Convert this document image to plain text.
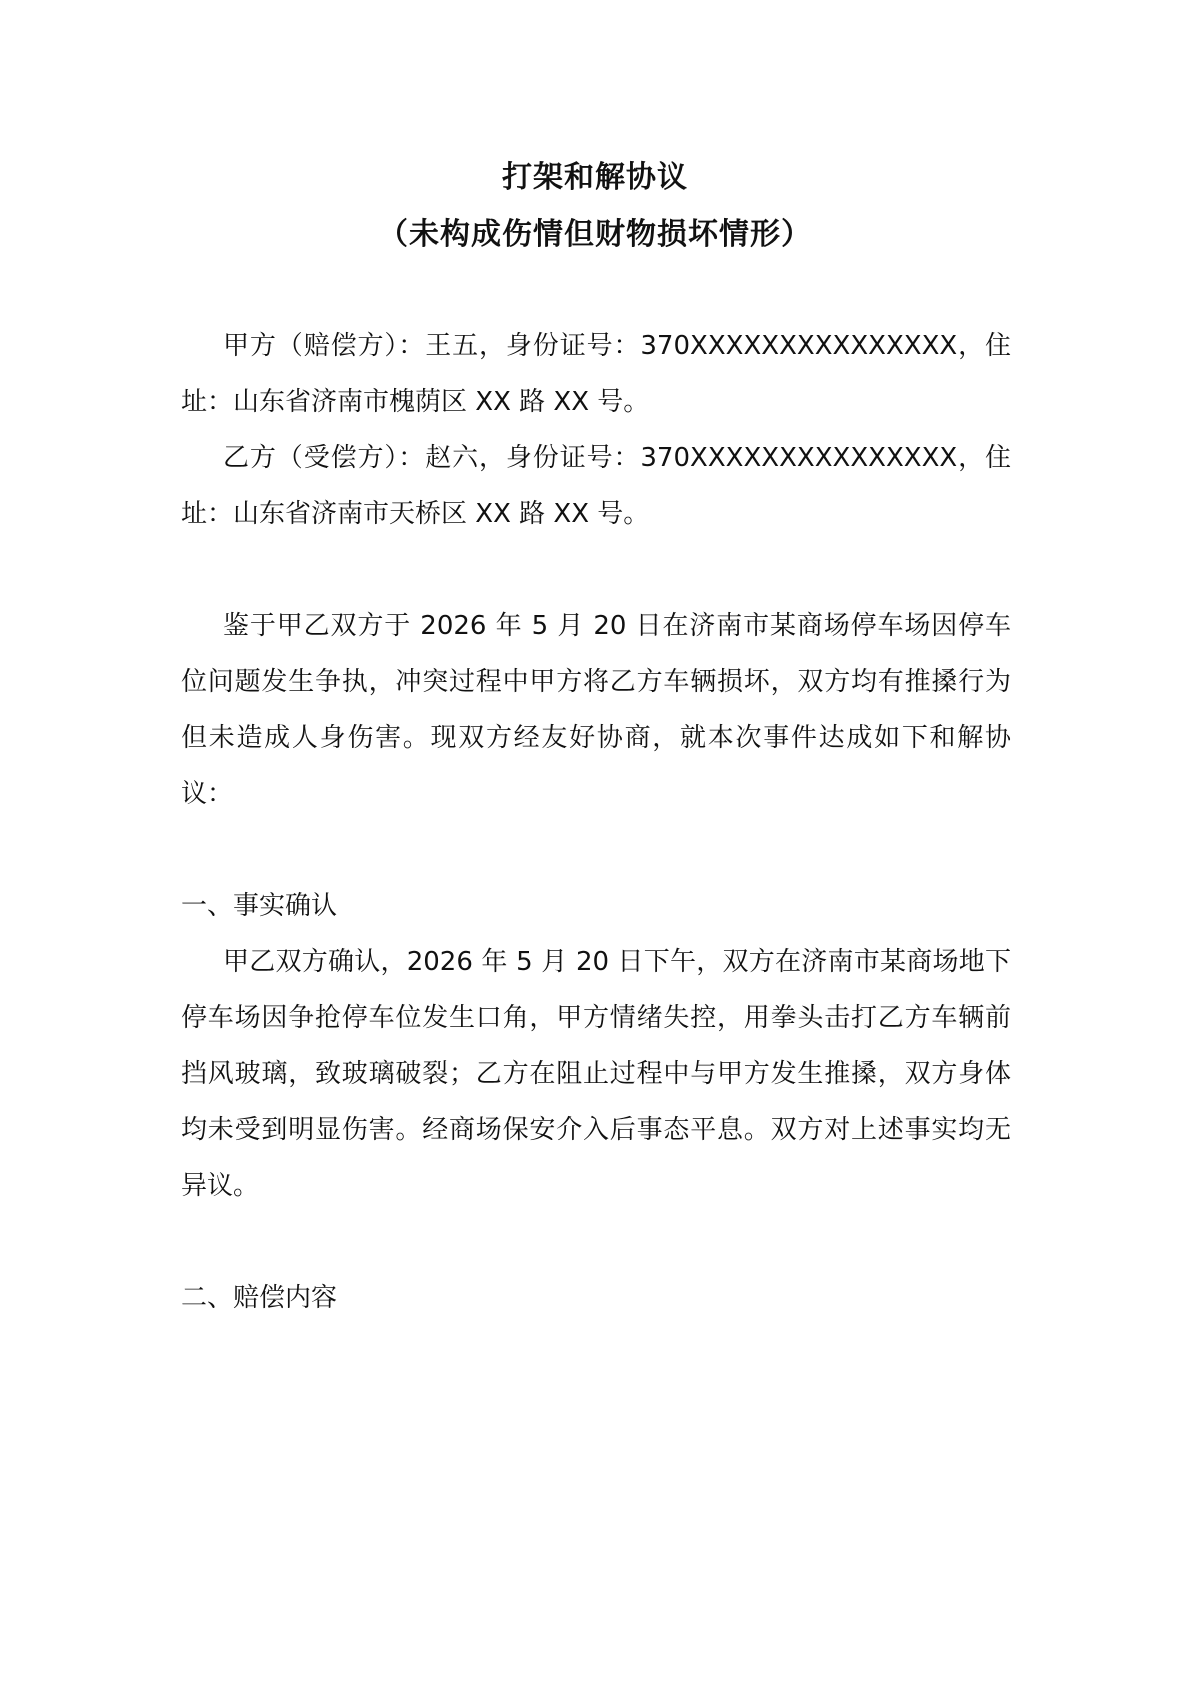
打架和解协议
（未构成伤情但财物损坏情形）

甲方（赔偿方）：王五，身份证号：370XXXXXXXXXXXXXXX，住址：山东省济南市槐荫区 XX 路 XX 号。

乙方（受偿方）：赵六，身份证号：370XXXXXXXXXXXXXXX，住址：山东省济南市天桥区 XX 路 XX 号。

鉴于甲乙双方于 2026 年 5 月 20 日在济南市某商场停车场因停车位问题发生争执，冲突过程中甲方将乙方车辆损坏，双方均有推搡行为但未造成人身伤害。现双方经友好协商，就本次事件达成如下和解协议：

一、事实确认

甲乙双方确认，2026 年 5 月 20 日下午，双方在济南市某商场地下停车场因争抢停车位发生口角，甲方情绪失控，用拳头击打乙方车辆前挡风玻璃，致玻璃破裂；乙方在阻止过程中与甲方发生推搡，双方身体均未受到明显伤害。经商场保安介入后事态平息。双方对上述事实均无异议。

二、赔偿内容
